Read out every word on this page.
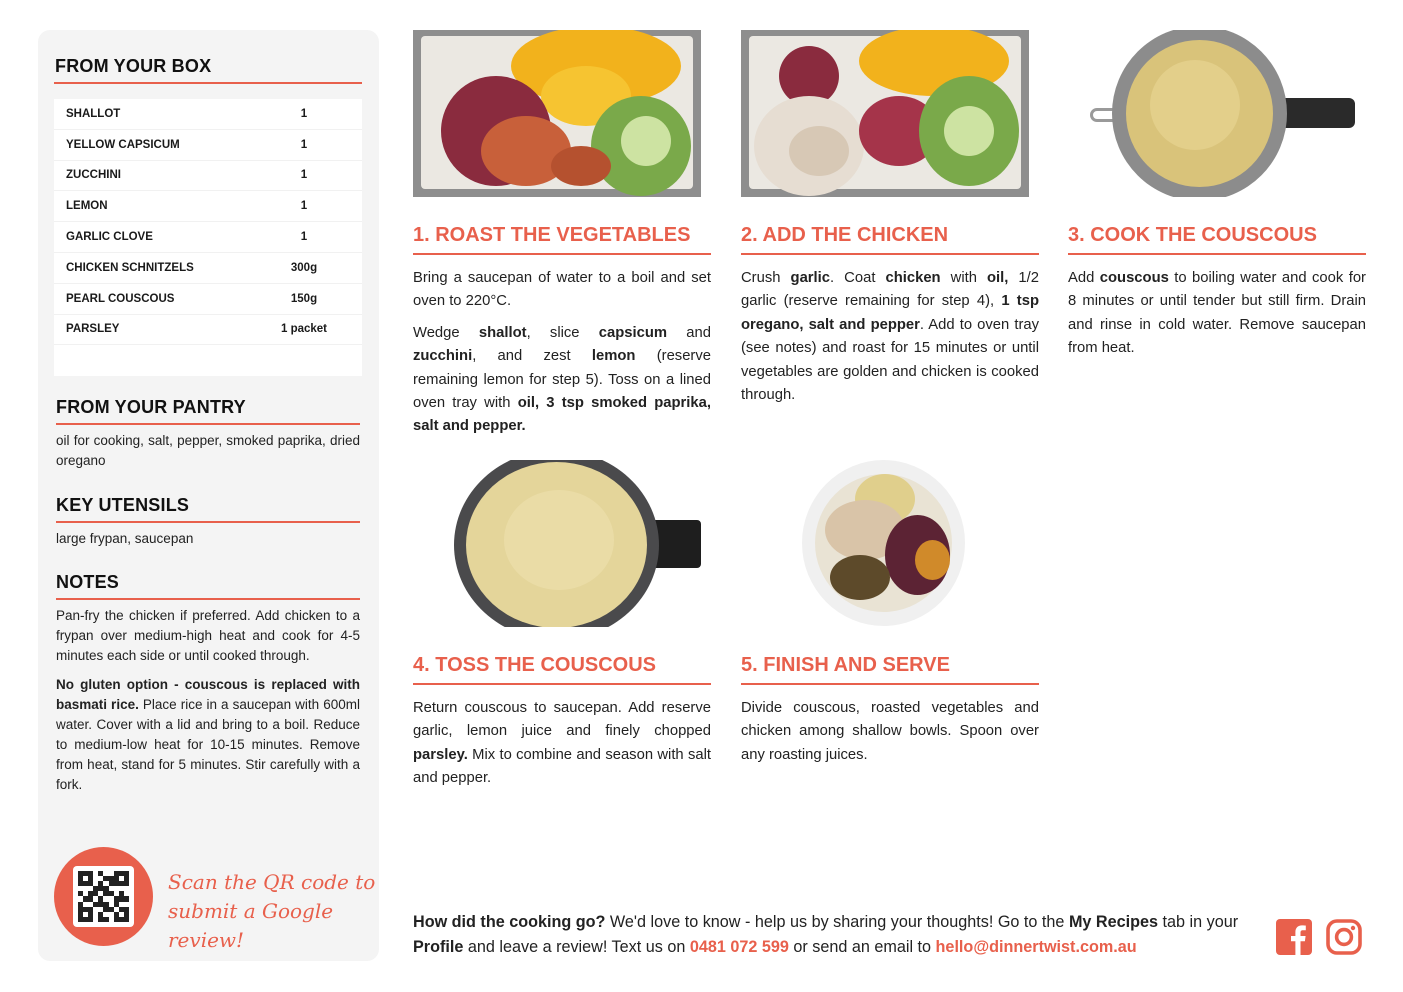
FROM YOUR BOX
SHALLOT	1
YELLOW CAPSICUM	1
ZUCCHINI	1
LEMON	1
GARLIC CLOVE	1
CHICKEN SCHNITZELS	300g
PEARL COUSCOUS	150g
PARSLEY	1 packet
FROM YOUR PANTRY
oil for cooking, salt, pepper, smoked paprika, dried oregano
KEY UTENSILS
large frypan, saucepan
NOTES
Pan-fry the chicken if preferred. Add chicken to a frypan over medium-high heat and cook for 4-5 minutes each side or until cooked through.
No gluten option - couscous is replaced with basmati rice. Place rice in a saucepan with 600ml water. Cover with a lid and bring to a boil. Reduce to medium-low heat for 10-15 minutes. Remove from heat, stand for 5 minutes. Stir carefully with a fork.
Scan the QR code to
submit a Google review!
1. ROAST THE VEGETABLES	2. ADD THE CHICKEN	3. COOK THE COUSCOUS
4. TOSS THE COUSCOUS	5. FINISH AND SERVE

Bring a saucepan of water to a boil and set oven to 220°C.

Wedge shallot, slice capsicum and zucchini, and zest lemon (reserve remaining lemon for step 5). Toss on a lined oven tray with oil, 3 tsp smoked paprika, salt and pepper.

Crush garlic. Coat chicken with oil, 1/2 garlic (reserve remaining for step 4), 1 tsp oregano, salt and pepper. Add to oven tray (see notes) and roast for 15 minutes or until vegetables are golden and chicken is cooked through.

Add couscous to boiling water and cook for 8 minutes or until tender but still firm. Drain and rinse in cold water. Remove saucepan from heat.

Return couscous to saucepan. Add reserve garlic, lemon juice and finely chopped parsley. Mix to combine and season with salt and pepper.

Divide couscous, roasted vegetables and chicken among shallow bowls. Spoon over any roasting juices.

How did the cooking go? We'd love to know - help us by sharing your thoughts! Go to the My Recipes tab in your Profile and leave a review! Text us on 0481 072 599 or send an email to hello@dinnertwist.com.au
